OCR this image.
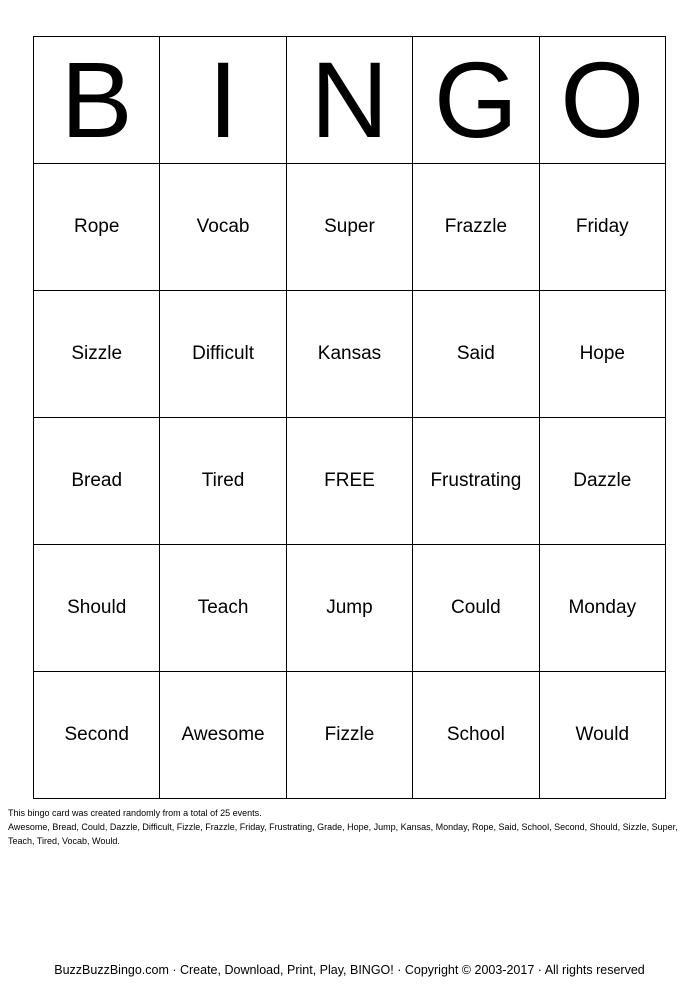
B	I	N	G	O
Rope	Vocab	Super	Frazzle	Friday
Sizzle	Difficult	Kansas	Said	Hope
Bread	Tired	FREE	Frustrating	Dazzle
Should	Teach	Jump	Could	Monday
Second	Awesome	Fizzle	School	Would
This bingo card was created randomly from a total of 25 events.
Awesome, Bread, Could, Dazzle, Difficult, Fizzle, Frazzle, Friday, Frustrating, Grade, Hope, Jump, Kansas, Monday, Rope, Said, School, Second, Should, Sizzle, Super, Teach, Tired, Vocab, Would.
BuzzBuzzBingo.com · Create, Download, Print, Play, BINGO! · Copyright © 2003-2017 · All rights reserved
